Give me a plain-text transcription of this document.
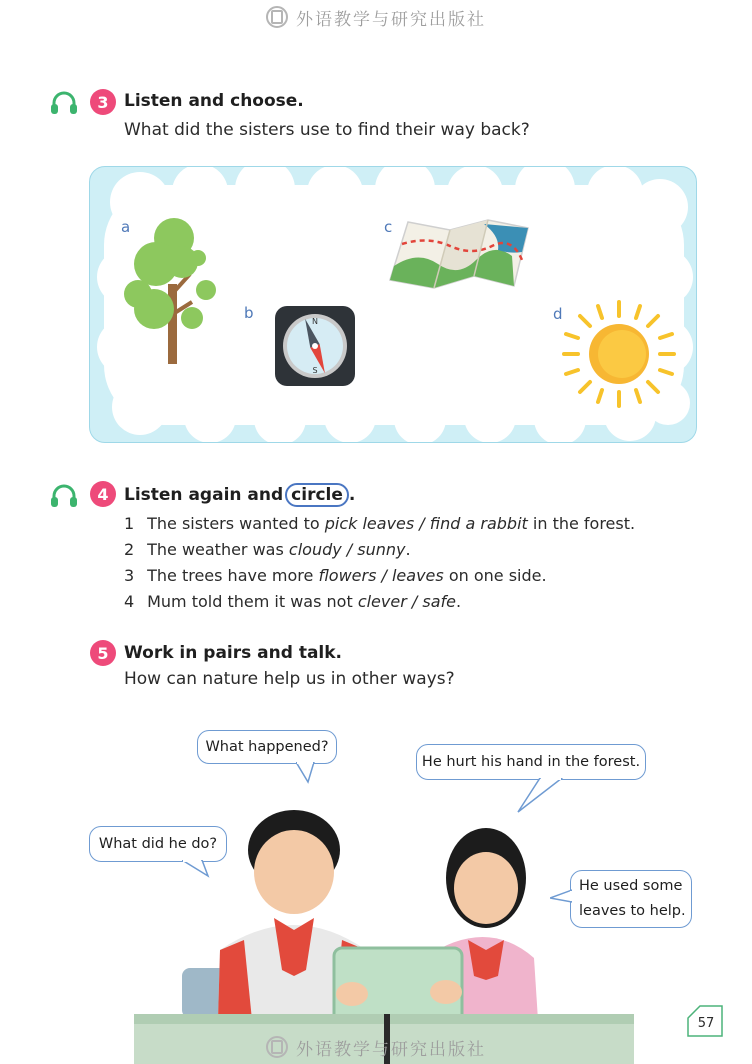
外语教学与研究出版社
3 Listen and choose.
What did the sisters use to find their way back?
a
b	N
S
c
d
4 Listen again and circle .
1 The sisters wanted to pick leaves / find a rabbit in the forest.
2 The weather was cloudy / sunny.
3 The trees have more flowers / leaves on one side.
4 Mum told them it was not clever / safe.
5 Work in pairs and talk.
How can nature help us in other ways?
What happened?
He hurt his hand in the forest.
What did he do?
He used some
leaves to help.
外语教学与研究出版社
57
